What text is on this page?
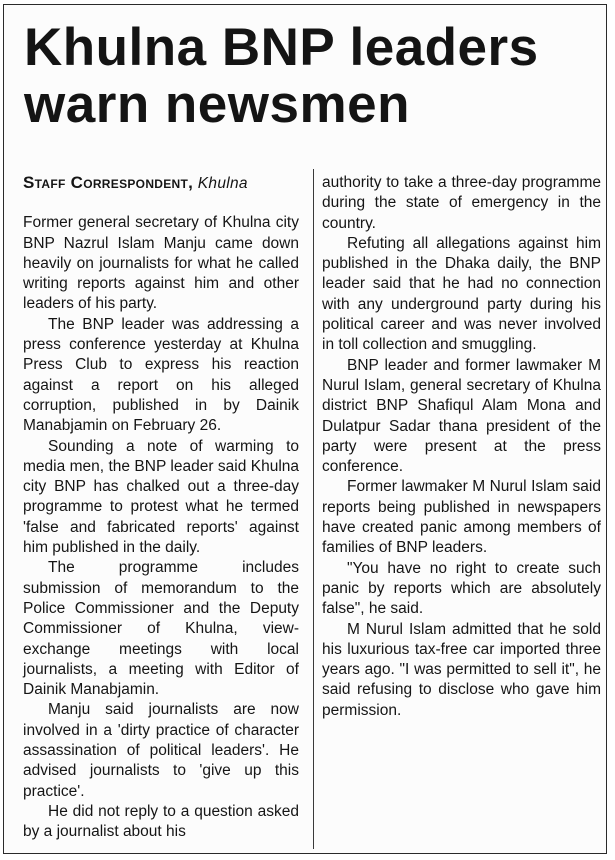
Khulna BNP leaders warn newsmen

Staff Correspondent, Khulna

Former general secretary of Khulna city BNP Nazrul Islam Manju came down heavily on journalists for what he called writing reports against him and other leaders of his party.

The BNP leader was addressing a press conference yesterday at Khulna Press Club to express his reaction against a report on his alleged corruption, published in by Dainik Manabjamin on February 26.

Sounding a note of warming to media men, the BNP leader said Khulna city BNP has chalked out a three-day programme to protest what he termed 'false and fabricated reports' against him published in the daily.

The programme includes submission of memorandum to the Police Commissioner and the Deputy Commissioner of Khulna, view-exchange meetings with local journalists, a meeting with Editor of Dainik Manabjamin.

Manju said journalists are now involved in a 'dirty practice of character assassination of political leaders'. He advised journalists to 'give up this practice'.

He did not reply to a question asked by a journalist about his

authority to take a three-day programme during the state of emergency in the country.

Refuting all allegations against him published in the Dhaka daily, the BNP leader said that he had no connection with any underground party during his political career and was never involved in toll collection and smuggling.

BNP leader and former lawmaker M Nurul Islam, general secretary of Khulna district BNP Shafiqul Alam Mona and Dulatpur Sadar thana president of the party were present at the press conference.

Former lawmaker M Nurul Islam said reports being published in newspapers have created panic among members of families of BNP leaders.

"You have no right to create such panic by reports which are absolutely false", he said.

M Nurul Islam admitted that he sold his luxurious tax-free car imported three years ago. "I was permitted to sell it", he said refusing to disclose who gave him permission.
